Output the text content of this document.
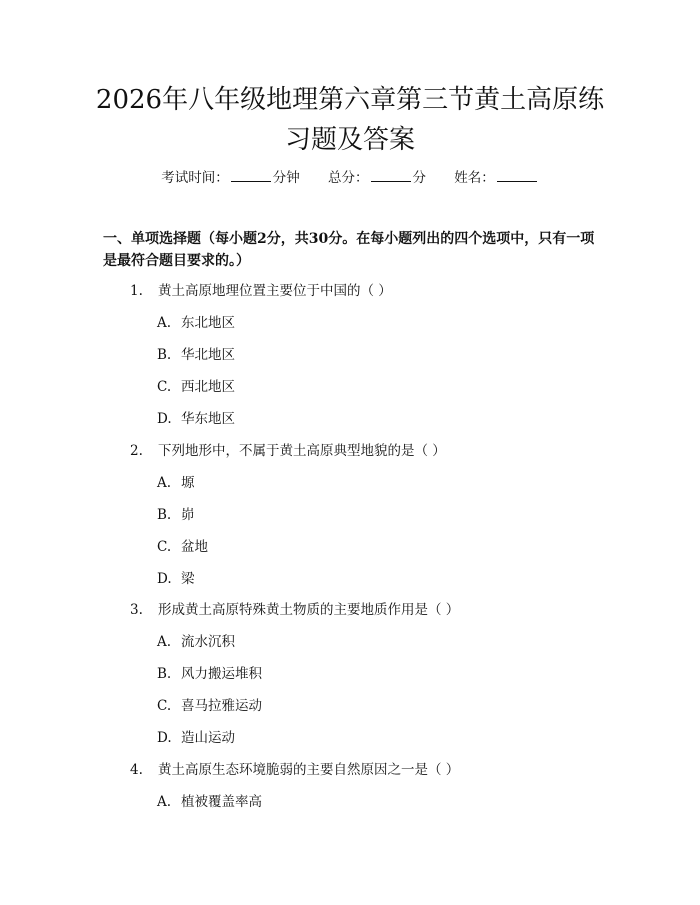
2026年八年级地理第六章第三节黄土高原练
习题及答案
考试时间：	分钟 总分：	分 姓名：
一、单项选择题（每小题2分，共30分。在每小题列出的四个选项中，只有一项是最符合题目要求的。）
1. 黄土高原地理位置主要位于中国的（ ）
A. 东北地区
B. 华北地区
C. 西北地区
D. 华东地区
2. 下列地形中，不属于黄土高原典型地貌的是（ ）
A. 塬
B. 峁
C. 盆地
D. 梁
3. 形成黄土高原特殊黄土物质的主要地质作用是（ ）
A. 流水沉积
B. 风力搬运堆积
C. 喜马拉雅运动
D. 造山运动
4. 黄土高原生态环境脆弱的主要自然原因之一是（ ）
A. 植被覆盖率高
